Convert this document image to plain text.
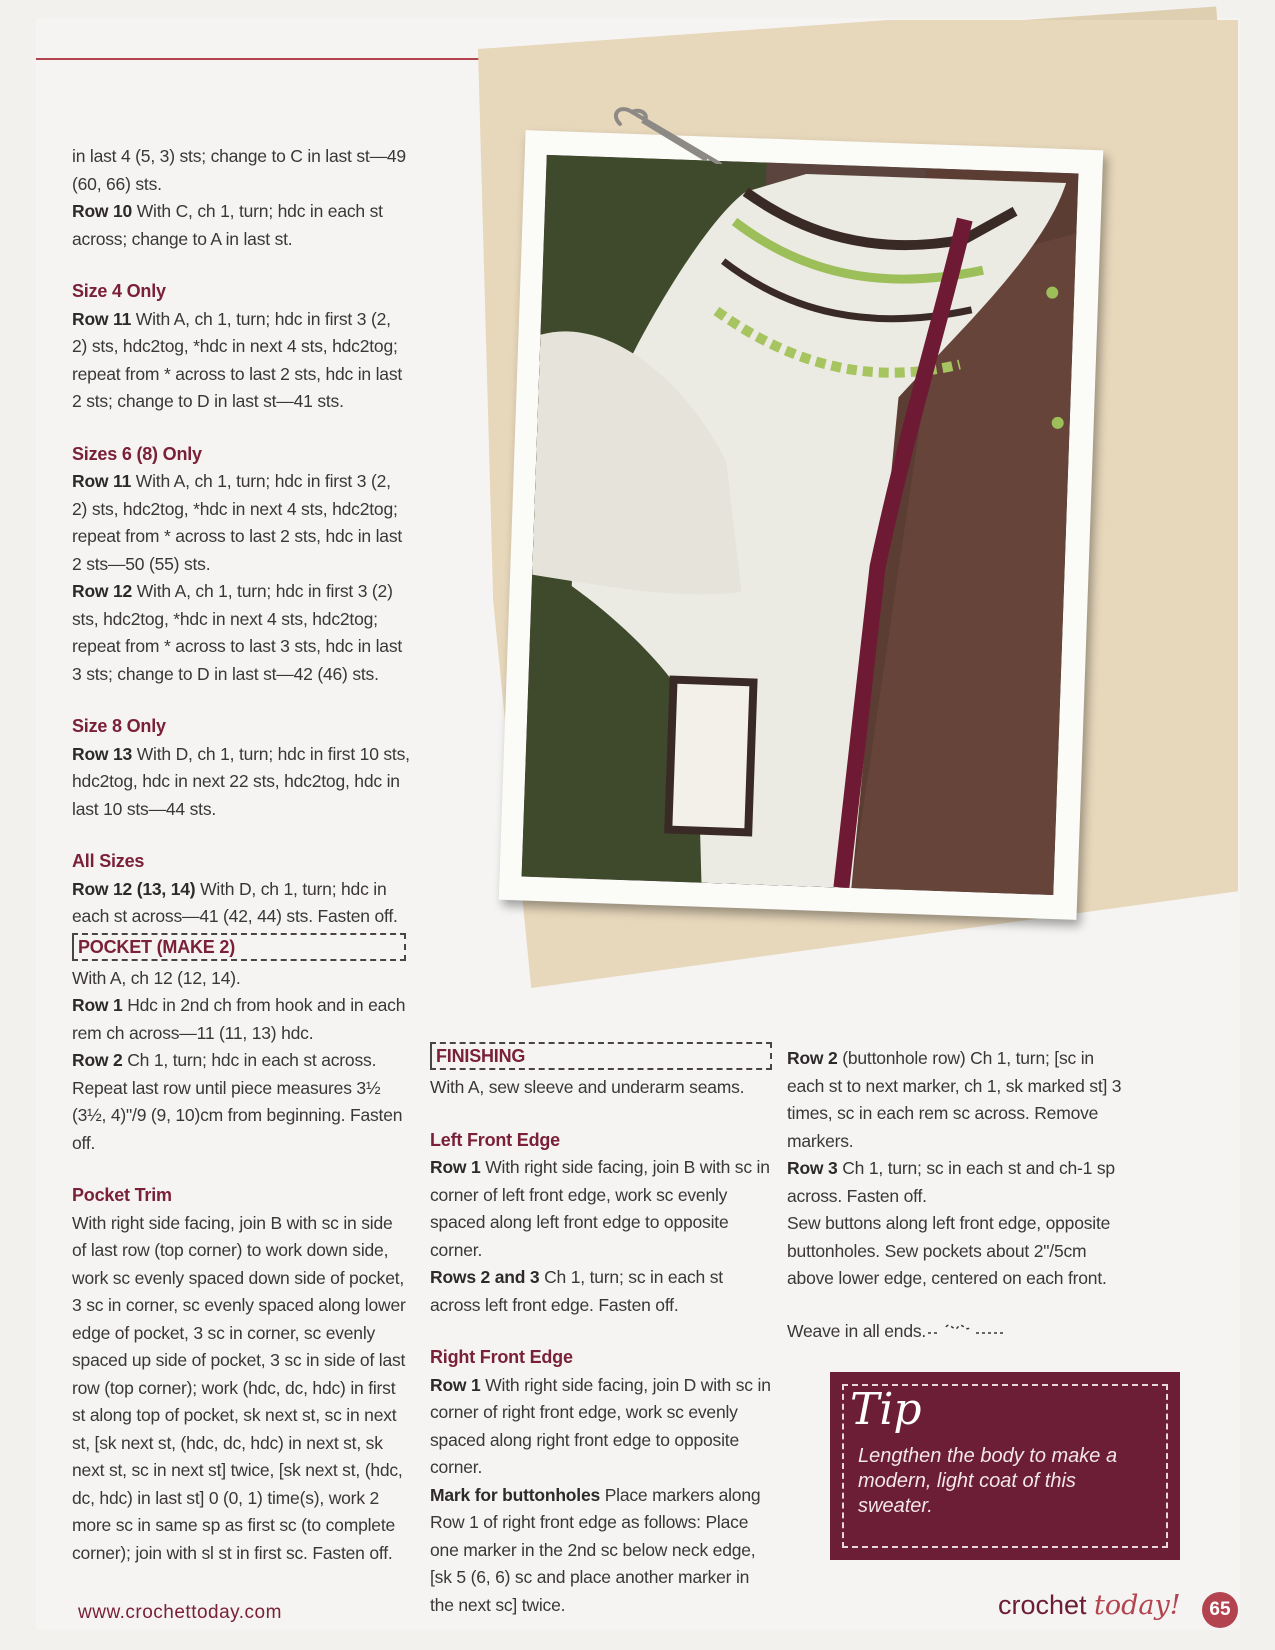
in last 4 (5, 3) sts; change to C in last st—49
(60, 66) sts.

Row 10 With C, ch 1, turn; hdc in each st across; change to A in last st.

Size 4 Only

Row 11 With A, ch 1, turn; hdc in first 3 (2, 2) sts, hdc2tog, *hdc in next 4 sts, hdc2tog; repeat from * across to last 2 sts, hdc in last 2 sts; change to D in last st—41 sts.

Sizes 6 (8) Only

Row 11 With A, ch 1, turn; hdc in first 3 (2, 2) sts, hdc2tog, *hdc in next 4 sts, hdc2tog; repeat from * across to last 2 sts, hdc in last 2 sts—50 (55) sts.

Row 12 With A, ch 1, turn; hdc in first 3 (2) sts, hdc2tog, *hdc in next 4 sts, hdc2tog; repeat from * across to last 3 sts, hdc in last 3 sts; change to D in last st—42 (46) sts.

Size 8 Only

Row 13 With D, ch 1, turn; hdc in first 10 sts, hdc2tog, hdc in next 22 sts, hdc2tog, hdc in last 10 sts—44 sts.

All Sizes

Row 12 (13, 14) With D, ch 1, turn; hdc in each st across—41 (42, 44) sts. Fasten off.

POCKET (MAKE 2)

With A, ch 12 (12, 14).

Row 1 Hdc in 2nd ch from hook and in each rem ch across—11 (11, 13) hdc.

Row 2 Ch 1, turn; hdc in each st across. Repeat last row until piece measures 3½ (3½, 4)"/9 (9, 10)cm from beginning. Fasten off.

Pocket Trim

With right side facing, join B with sc in side of last row (top corner) to work down side, work sc evenly spaced down side of pocket, 3 sc in corner, sc evenly spaced along lower edge of pocket, 3 sc in corner, sc evenly spaced up side of pocket, 3 sc in side of last row (top corner); work (hdc, dc, hdc) in first st along top of pocket, sk next st, sc in next st, [sk next st, (hdc, dc, hdc) in next st, sk next st, sc in next st] twice, [sk next st, (hdc, dc, hdc) in last st] 0 (0, 1) time(s), work 2 more sc in same sp as first sc (to complete corner); join with sl st in first sc. Fasten off.

FINISHING

With A, sew sleeve and underarm seams.

Left Front Edge

Row 1 With right side facing, join B with sc in corner of left front edge, work sc evenly spaced along left front edge to opposite corner.

Rows 2 and 3 Ch 1, turn; sc in each st across left front edge. Fasten off.

Right Front Edge

Row 1 With right side facing, join D with sc in corner of right front edge, work sc evenly spaced along right front edge to opposite corner.

Mark for buttonholes Place markers along Row 1 of right front edge as follows: Place one marker in the 2nd sc below neck edge, [sk 5 (6, 6) sc and place another marker in the next sc] twice.

Row 2 (buttonhole row) Ch 1, turn; [sc in each st to next marker, ch 1, sk marked st] 3 times, sc in each rem sc across. Remove markers.

Row 3 Ch 1, turn; sc in each st and ch-1 sp across. Fasten off.

Sew buttons along left front edge, opposite buttonholes. Sew pockets about 2"/5cm above lower edge, centered on each front.

Weave in all ends.

Tip
Lengthen the body to make a modern, light coat of this sweater.
www.crochettoday.com	crochet today!	65
